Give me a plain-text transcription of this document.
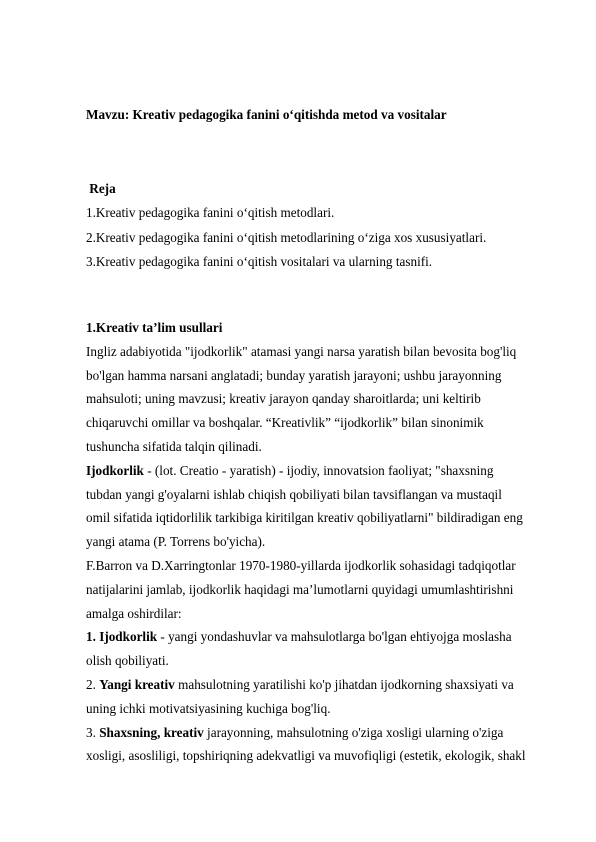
Mavzu: Kreativ pedagogika fanini o‘qitishda metod va vositalar
Reja
1.Kreativ pedagogika fanini o‘qitish metodlari.
2.Kreativ pedagogika fanini o‘qitish metodlarining o‘ziga xos xususiyatlari.
3.Kreativ pedagogika fanini o‘qitish vositalari va ularning tasnifi.
1.Kreativ ta’lim usullari
Ingliz adabiyotida "ijodkorlik" atamasi yangi narsa yaratish bilan bevosita bog'liq
bo'lgan hamma narsani anglatadi; bunday yaratish jarayoni; ushbu jarayonning
mahsuloti; uning mavzusi; kreativ jarayon qanday sharoitlarda; uni keltirib
chiqaruvchi omillar va boshqalar. “Kreativlik” “ijodkorlik” bilan sinonimik
tushuncha sifatida talqin qilinadi.
Ijodkorlik - (lot. Creatio - yaratish) - ijodiy, innovatsion faoliyat; "shaxsning
tubdan yangi g'oyalarni ishlab chiqish qobiliyati bilan tavsiflangan va mustaqil
omil sifatida iqtidorlilik tarkibiga kiritilgan kreativ qobiliyatlarni" bildiradigan eng
yangi atama (P. Torrens bo'yicha).
F.Barron va D.Xarringtonlar 1970-1980-yillarda ijodkorlik sohasidagi tadqiqotlar
natijalarini jamlab, ijodkorlik haqidagi ma’lumotlarni quyidagi umumlashtirishni
amalga oshirdilar:
1. Ijodkorlik - yangi yondashuvlar va mahsulotlarga bo'lgan ehtiyojga moslasha
olish qobiliyati.
2. Yangi kreativ mahsulotning yaratilishi ko'p jihatdan ijodkorning shaxsiyati va
uning ichki motivatsiyasining kuchiga bog'liq.
3. Shaxsning, kreativ jarayonning, mahsulotning o'ziga xosligi ularning o'ziga
xosligi, asosliligi, topshiriqning adekvatligi va muvofiqligi (estetik, ekologik, shakl
